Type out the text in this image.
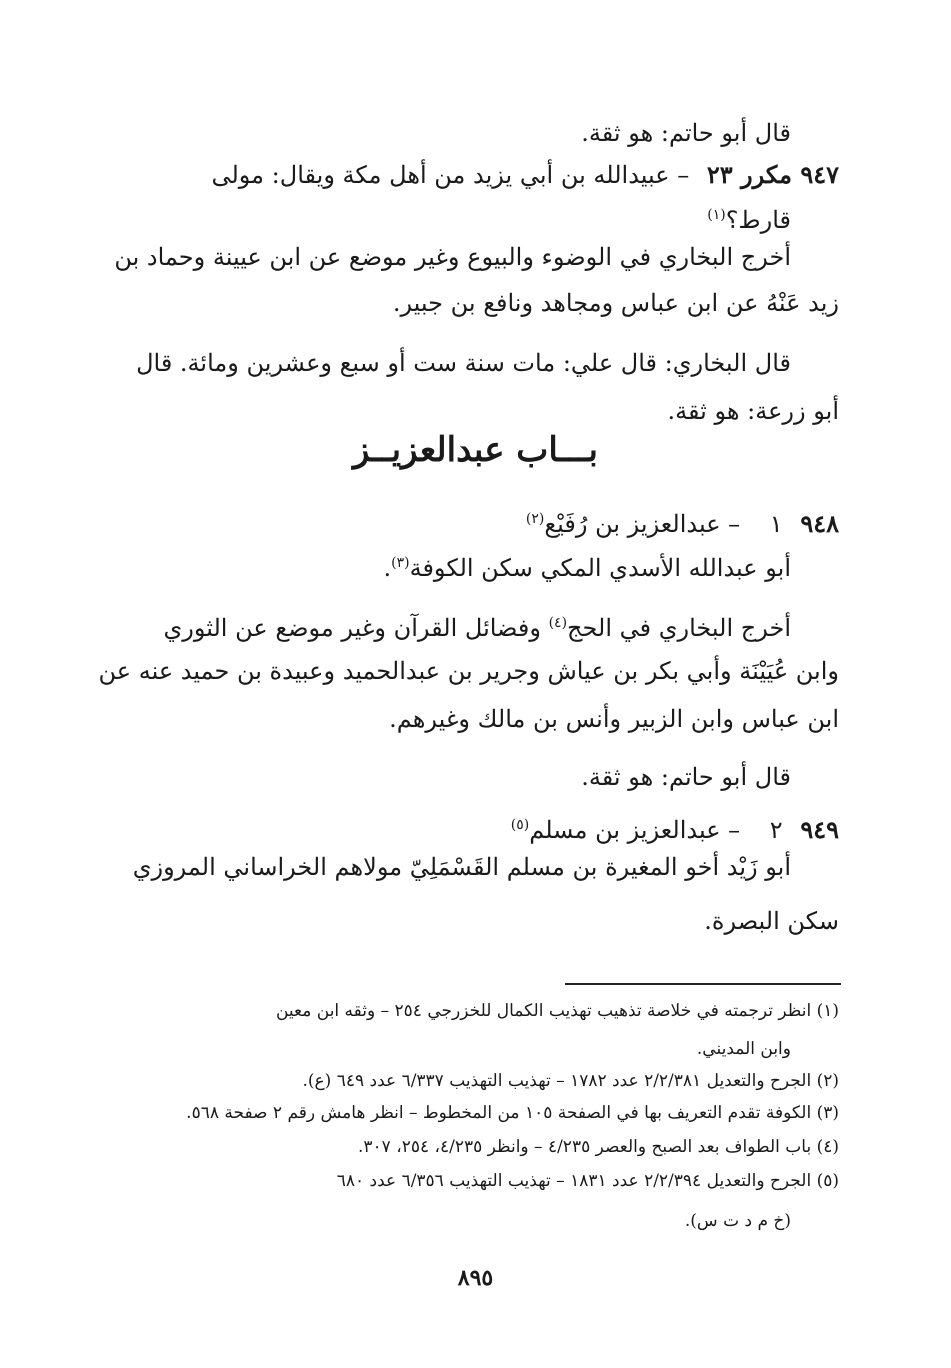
قال أبو حاتم: هو ثقة.
٩٤٧ مكرر ٢٣ – عبيدالله بن أبي يزيد من أهل مكة ويقال: مولى
قارط؟$^{(١)}$
أخرج البخاري في الوضوء والبيوع وغير موضع عن ابن عيينة وحماد بن
زيد عَنْهُ عن ابن عباس ومجاهد ونافع بن جبير.
قال البخاري: قال علي: مات سنة ست أو سبع وعشرين ومائة. قال
أبو زرعة: هو ثقة.
بـــاب عبدالعزيــز
٩٤٨ ١ – عبدالعزيز بن رُفَيْع$^{(٢)}$
أبو عبدالله الأسدي المكي سكن الكوفة$^{(٣)}$.
أخرج البخاري في الحج$^{(٤)}$ وفضائل القرآن وغير موضع عن الثوري
وابن عُيَيْنَة وأبي بكر بن عياش وجرير بن عبدالحميد وعبيدة بن حميد عنه عن
ابن عباس وابن الزبير وأنس بن مالك وغيرهم.
قال أبو حاتم: هو ثقة.
٩٤٩ ٢ – عبدالعزيز بن مسلم$^{(٥)}$
أبو زَيْد أخو المغيرة بن مسلم القَسْمَلِيّ مولاهم الخراساني المروزي
سكن البصرة.
(١) انظر ترجمته في خلاصة تذهيب تهذيب الكمال للخزرجي ٢٥٤ – وثقه ابن معين
وابن المديني.
(٢) الجرح والتعديل ٢/٢/٣٨١ عدد ١٧٨٢ – تهذيب التهذيب ٦/٣٣٧ عدد ٦٤٩ (ع).
(٣) الكوفة تقدم التعريف بها في الصفحة ١٠٥ من المخطوط – انظر هامش رقم ٢ صفحة ٥٦٨.
(٤) باب الطواف بعد الصبح والعصر ٤/٢٣٥ – وانظر ٤/٢٣٥، ٢٥٤، ٣٠٧.
(٥) الجرح والتعديل ٢/٢/٣٩٤ عدد ١٨٣١ – تهذيب التهذيب ٦/٣٥٦ عدد ٦٨٠
(خ م د ت س).
٨٩٥
